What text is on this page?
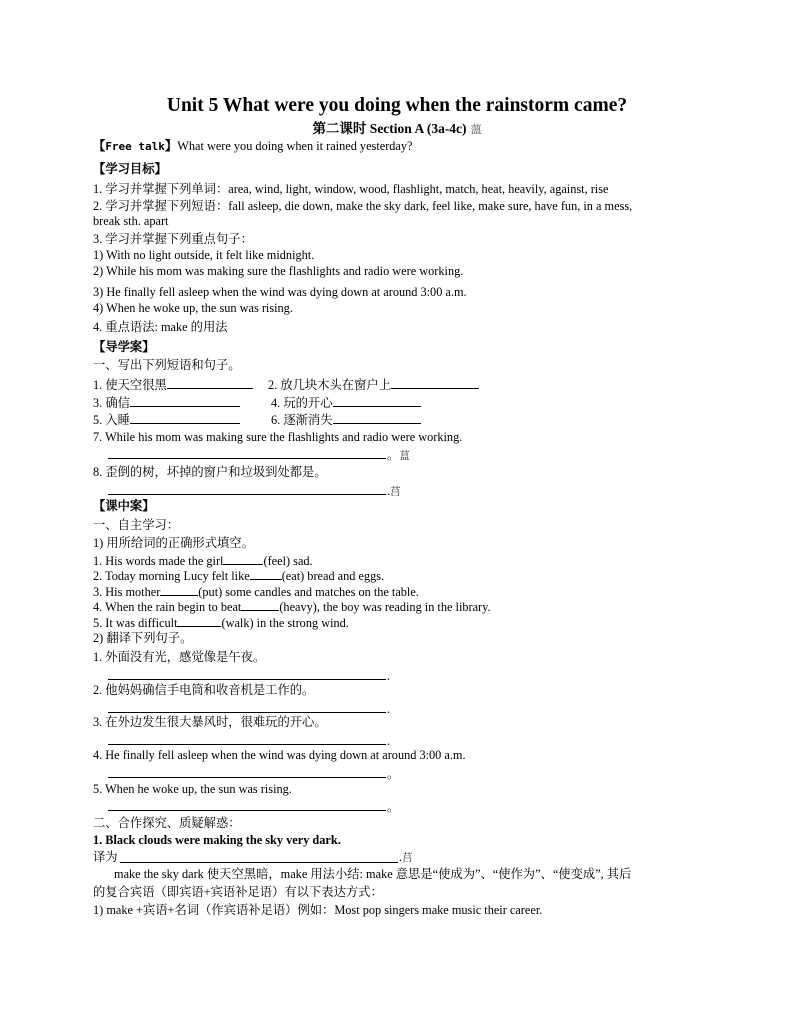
Unit 5 What were you doing when the rainstorm came?
第二课时 Section A (3a-4c) 薀
【Free talk】What were you doing when it rained yesterday?
【学习目标】
1. 学习并掌握下列单词：area, wind, light, window, wood, flashlight, match, heat, heavily, against, rise
2. 学习并掌握下列短语：fall asleep, die down, make the sky dark, feel like, make sure, have fun, in a mess,
break sth. apart
3. 学习并掌握下列重点句子：
1) With no light outside, it felt like midnight.
2) While his mom was making sure the flashlights and radio were working.
3) He finally fell asleep when the wind was dying down at around 3:00 a.m.
4) When he woke up, the sun was rising.
4. 重点语法: make 的用法
【导学案】
一、写出下列短语和句子。
1. 使天空很黑	2. 放几块木头在窗户上
3. 确信	4. 玩的开心
5. 入睡	6. 逐渐消失
7. While his mom was making sure the flashlights and radio were working.
。蒀
8. 歪倒的树，坏掉的窗户和垃圾到处都是。
.莒
【课中案】
一、自主学习：
1) 用所给词的正确形式填空。
1. His words made the girl	(feel) sad.
2. Today morning Lucy felt like	(eat) bread and eggs.
3. His mother	(put) some candles and matches on the table.
4. When the rain begin to beat	(heavy), the boy was reading in the library.
5. It was difficult	(walk) in the strong wind.
2) 翻译下列句子。
1. 外面没有光，感觉像是午夜。
.
2. 他妈妈确信手电筒和收音机是工作的。
.
3. 在外边发生很大暴风时，很难玩的开心。
.
4. He finally fell asleep when the wind was dying down at around 3:00 a.m.
。
5. When he woke up, the sun was rising.
。
二、合作探究、质疑解惑：
1. Black clouds were making the sky very dark.
译为	.莒
make the sky dark 使天空黑暗，make 用法小结: make 意思是“使成为”、“使作为”、“使变成”, 其后
的复合宾语（即宾语+宾语补足语）有以下表达方式：
1) make +宾语+名词（作宾语补足语）例如：Most pop singers make music their career.
